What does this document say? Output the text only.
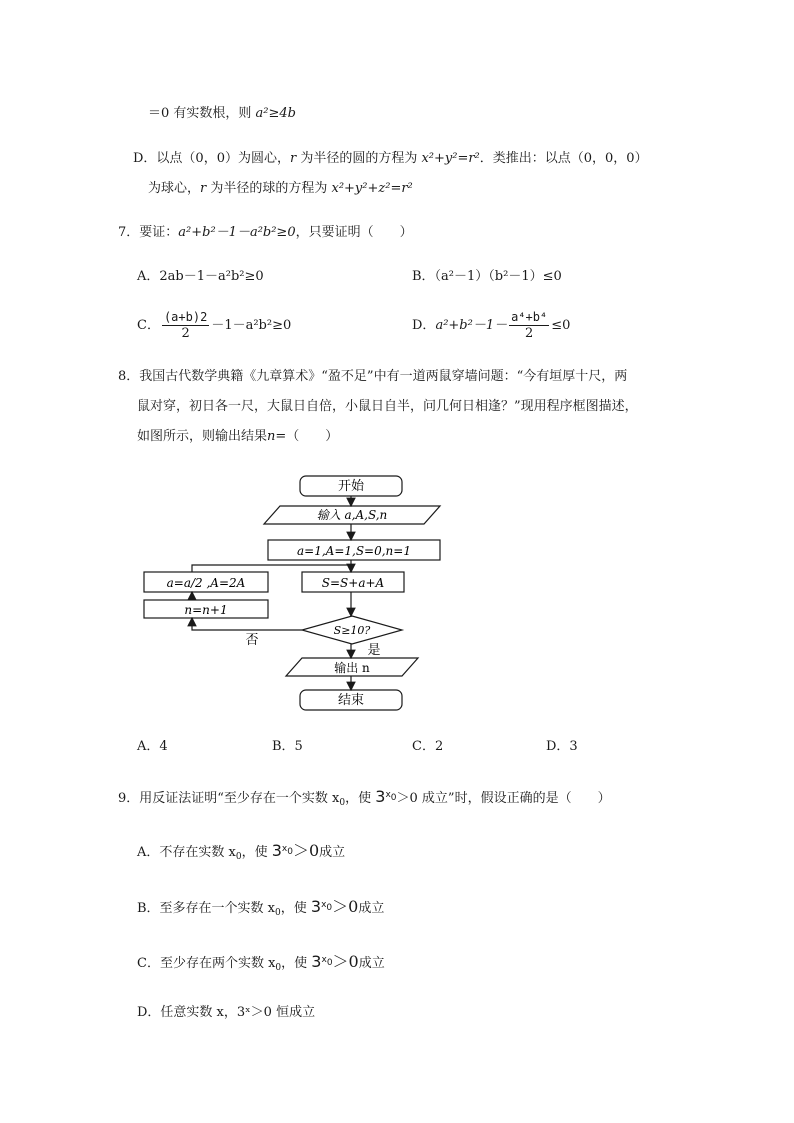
＝0 有实数根，则 a²≥4b
D．以点（0，0）为圆心，r 为半径的圆的方程为 x²+y²=r²．类推出：以点（0，0，0）
为球心，r 为半径的球的方程为 x²+y²+z²=r²
7．要证：a²+b²－1－a²b²≥0，只要证明（　　）
A．2ab－1－a²b²≥0	B．（a²－1）（b²－1）≤0
C． $\frac{(a+b)2}{2} -1-a^2b^2\ge 0$	D．$a^2+b^2-1- \frac{\text{a⁴+b⁴}}{2} \le 0$
8．我国古代数学典籍《九章算术》“盈不足”中有一道两鼠穿墙问题：“今有垣厚十尺，两
鼠对穿，初日各一尺，大鼠日自倍，小鼠日自半，问几何日相逢？”现用程序框图描述，
如图所示，则输出结果n=（　　）
开始
输入 a,A,S,n
a=1,A=1,S=0,n=1
S=S+a+A
a=a/2 ,A=2A
n=n+1
S≥10?
否
是
输出 n
结束
A．4	B．5	C．2	D．3
9．用反证法证明“至少存在一个实数 $x_0$，使 $3^{x_0}>0$ 成立”时，假设正确的是（　　）
A．不存在实数 $x_0$，使 $3^{x_0}>0$成立
B．至多存在一个实数 $x_0$，使 $3^{x_0}>0$成立
C．至少存在两个实数 $x_0$，使 $3^{x_0}>0$成立
D．任意实数 x，3ˣ＞0 恒成立
